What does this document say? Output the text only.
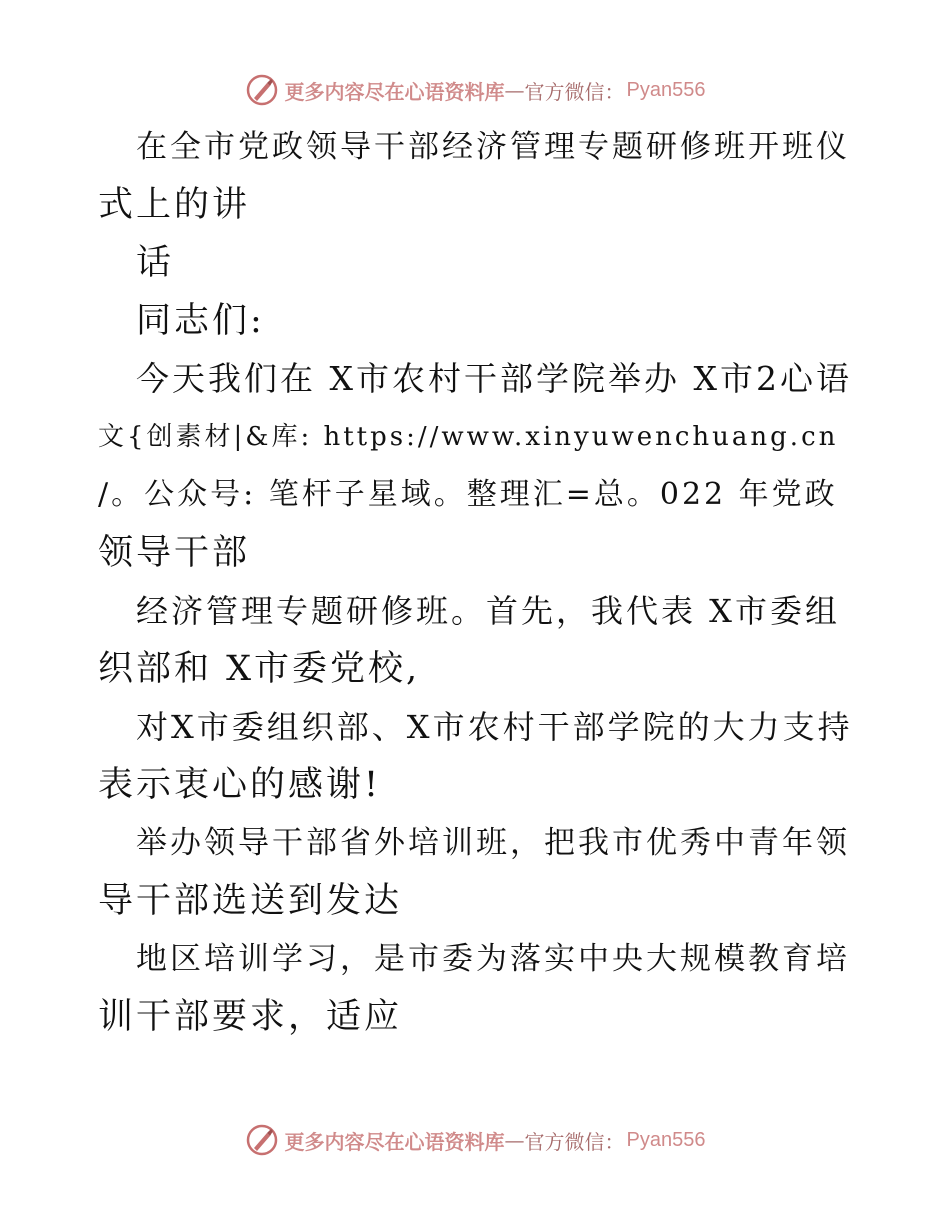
更多内容尽在心语资料库 — 官方微信： Pyan556
在全市党政领导干部经济管理专题研修班开班仪
式上的讲
话
同志们:
今天我们在 X市农村干部学院举办 X市2心语
文{创素材|&库: https://www.xinyuwenchuang.cn
/。公众号: 笔杆子星域。整理汇=总。022 年党政
领导干部
经济管理专题研修班。首先，我代表 X市委组
织部和 X市委党校,
对X市委组织部、X市农村干部学院的大力支持
表示衷心的感谢!
举办领导干部省外培训班，把我市优秀中青年领
导干部选送到发达
地区培训学习，是市委为落实中央大规模教育培
训干部要求，适应
更多内容尽在心语资料库 — 官方微信： Pyan556
